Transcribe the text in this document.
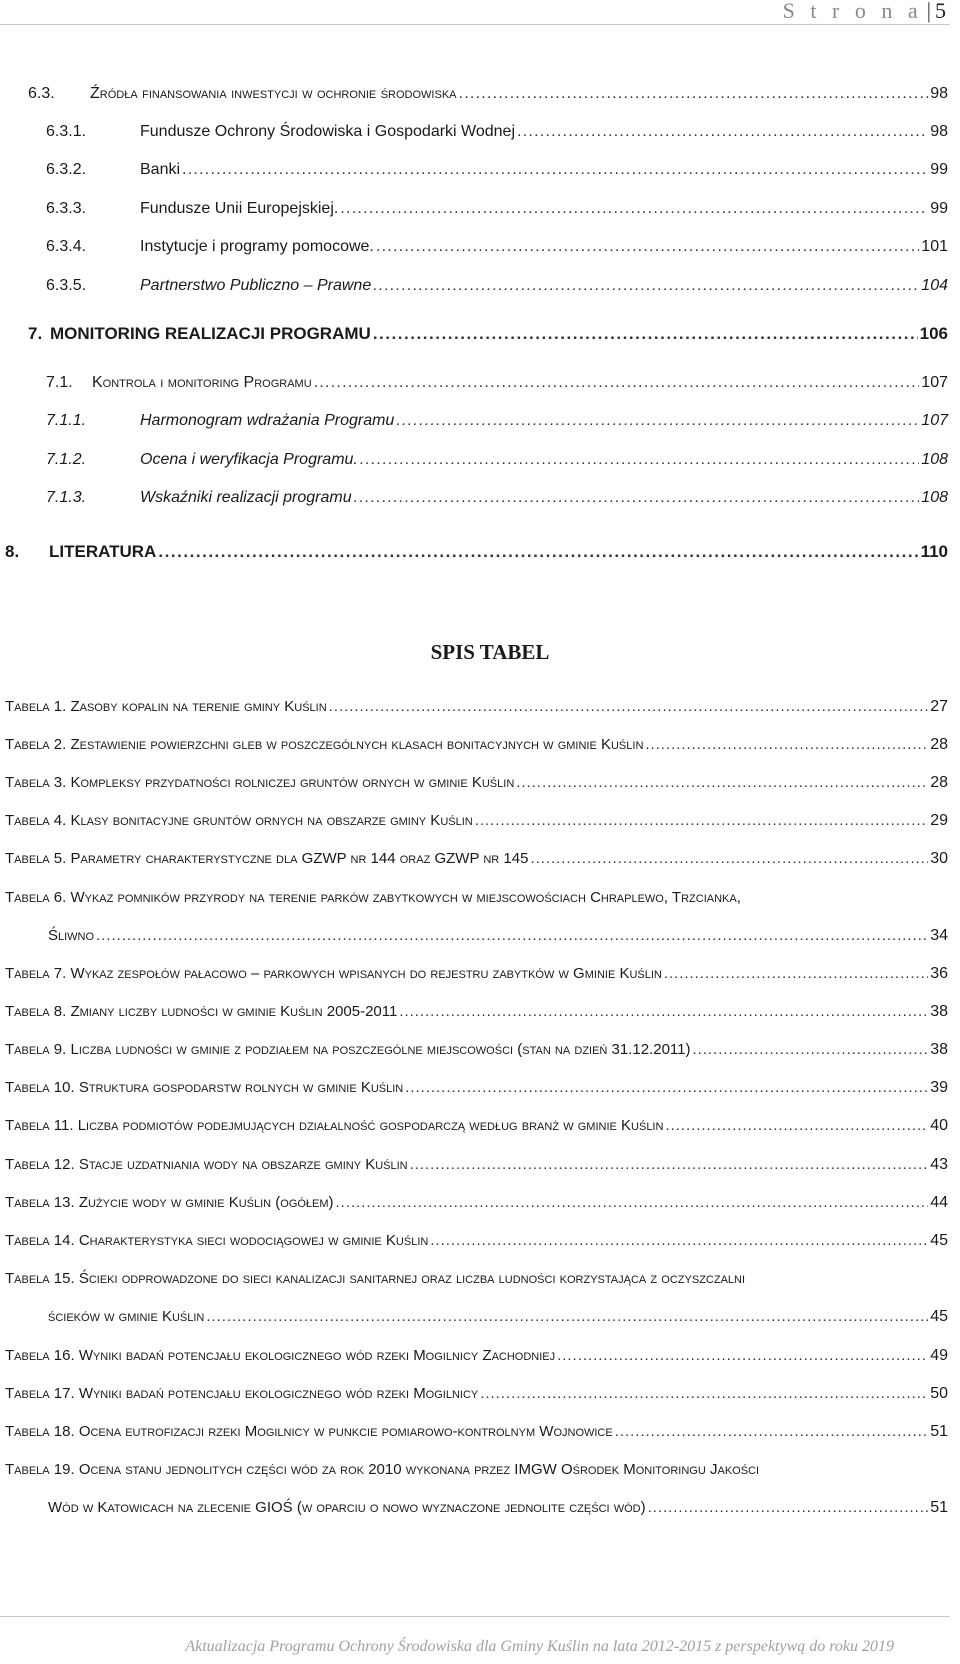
S t r o n a | 5
6.3.	Źródła finansowania inwestycji w ochronie środowiska . . .	98
6.3.1.	Fundusze Ochrony Środowiska i Gospodarki Wodnej . . .	98
6.3.2.	Banki . . .	99
6.3.3.	Fundusze Unii Europejskiej. . . .	99
6.3.4.	Instytucje i programy pomocowe. . . .	101
6.3.5.	Partnerstwo Publiczno – Prawne . . .	104
7. MONITORING REALIZACJI PROGRAMU . . .	106
7.1.	Kontrola i monitoring Programu . . .	107
7.1.1.	Harmonogram wdrażania Programu . . .	107
7.1.2.	Ocena i weryfikacja Programu. . . .	108
7.1.3.	Wskaźniki realizacji programu . . .	108
8.	LITERATURA . . .	110
SPIS TABEL
Tabela 1. Zasoby kopalin na terenie gminy Kuślin . . .	27
Tabela 2. Zestawienie powierzchni gleb w poszczególnych klasach bonitacyjnych w gminie Kuślin . . .	28
Tabela 3. Kompleksy przydatności rolniczej gruntów ornych w gminie Kuślin . . .	28
Tabela 4. Klasy bonitacyjne gruntów ornych na obszarze gminy Kuślin . . .	29
Tabela 5. Parametry charakterystyczne dla GZWP nr 144 oraz GZWP nr 145 . . .	30
Tabela 6. Wykaz pomników przyrody na terenie parków zabytkowych w miejscowościach Chraplewo, Trzcianka,
Śliwno . . .	34
Tabela 7. Wykaz zespołów pałacowo – parkowych wpisanych do rejestru zabytków w Gminie Kuślin . . .	36
Tabela 8. Zmiany liczby ludności w gminie Kuślin 2005-2011 . . .	38
Tabela 9. Liczba ludności w gminie z podziałem na poszczególne miejscowości (stan na dzień 31.12.2011) . . .	38
Tabela 10. Struktura gospodarstw rolnych w gminie Kuślin . . .	39
Tabela 11. Liczba podmiotów podejmujących działalność gospodarczą według branż w gminie Kuślin . . .	40
Tabela 12. Stacje uzdatniania wody na obszarze gminy Kuślin . . .	43
Tabela 13. Zużycie wody w gminie Kuślin (ogółem) . . .	44
Tabela 14. Charakterystyka sieci wodociągowej w gminie Kuślin . . .	45
Tabela 15. Ścieki odprowadzone do sieci kanalizacji sanitarnej oraz liczba ludności korzystająca z oczyszczalni
ścieków w gminie Kuślin . . .	45
Tabela 16. Wyniki badań potencjału ekologicznego wód rzeki Mogilnicy Zachodniej . . .	49
Tabela 17. Wyniki badań potencjału ekologicznego wód rzeki Mogilnicy . . .	50
Tabela 18. Ocena eutrofizacji rzeki Mogilnicy w punkcie pomiarowo-kontrolnym Wojnowice . . .	51
Tabela 19. Ocena stanu jednolitych części wód za rok 2010 wykonana przez IMGW Ośrodek Monitoringu Jakości
Wód w Katowicach na zlecenie GIOŚ (w oparciu o nowo wyznaczone jednolite części wód) . . .	51
Aktualizacja Programu Ochrony Środowiska dla Gminy Kuślin na lata 2012-2015 z perspektywą do roku 2019
